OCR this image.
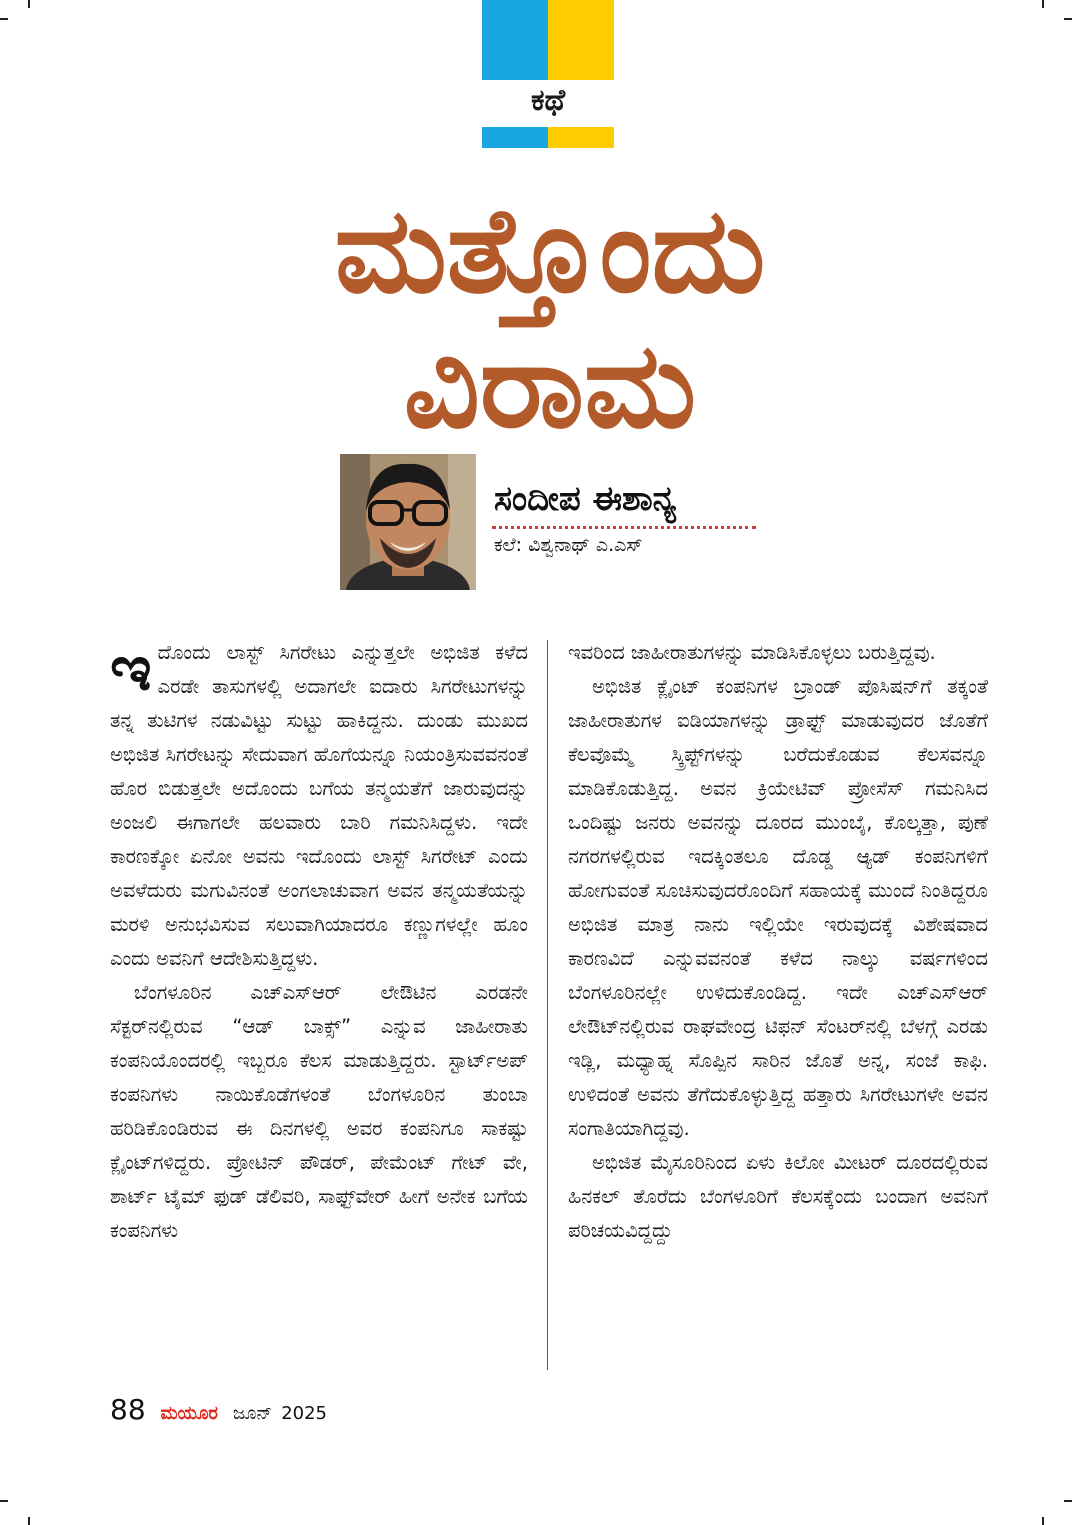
ಕಥೆ
ಮತ್ತೊಂದು
ವಿರಾಮ
ಸಂದೀಪ ಈಶಾನ್ಯ
ಕಲೆ: ವಿಶ್ವನಾಥ್ ಎ.ಎಸ್

ಇದೊಂದು ಲಾಸ್ಟ್ ಸಿಗರೇಟು ಎನ್ನುತ್ತಲೇ ಅಭಿಜಿತ ಕಳೆದ ಎರಡೇ ತಾಸುಗಳಲ್ಲಿ ಅದಾಗಲೇ ಐದಾರು ಸಿಗರೇಟುಗಳನ್ನು ತನ್ನ ತುಟಿಗಳ ನಡುವಿಟ್ಟು ಸುಟ್ಟು ಹಾಕಿದ್ದನು. ದುಂಡು ಮುಖದ ಅಭಿಜಿತ ಸಿಗರೇಟನ್ನು ಸೇದುವಾಗ ಹೊಗೆಯನ್ನೂ ನಿಯಂತ್ರಿಸುವವನಂತೆ ಹೊರ ಬಿಡುತ್ತಲೇ ಅದೊಂದು ಬಗೆಯ ತನ್ಮಯತೆಗೆ ಜಾರುವುದನ್ನು ಅಂಜಲಿ ಈಗಾಗಲೇ ಹಲವಾರು ಬಾರಿ ಗಮನಿಸಿದ್ದಳು. ಇದೇ ಕಾರಣಕ್ಕೋ ಏನೋ ಅವನು ಇದೊಂದು ಲಾಸ್ಟ್ ಸಿಗರೇಟ್ ಎಂದು ಅವಳೆದುರು ಮಗುವಿನಂತೆ ಅಂಗಲಾಚುವಾಗ ಅವನ ತನ್ಮಯತೆಯನ್ನು ಮರಳಿ ಅನುಭವಿಸುವ ಸಲುವಾಗಿಯಾದರೂ ಕಣ್ಣುಗಳಲ್ಲೇ ಹೂಂ ಎಂದು ಅವನಿಗೆ ಆದೇಶಿಸುತ್ತಿದ್ದಳು.

ಬೆಂಗಳೂರಿನ ಎಚ್‌ಎಸ್‌ಆರ್ ಲೇಔಟಿನ ಎರಡನೇ ಸೆಕ್ಟರ್‌ನಲ್ಲಿರುವ “ಆಡ್ ಬಾಕ್ಸ್” ಎನ್ನುವ ಜಾಹೀರಾತು ಕಂಪನಿಯೊಂದರಲ್ಲಿ ಇಬ್ಬರೂ ಕೆಲಸ ಮಾಡುತ್ತಿದ್ದರು. ಸ್ಟಾರ್ಟ್‌ಅಪ್ ಕಂಪನಿಗಳು ನಾಯಿಕೊಡೆಗಳಂತೆ ಬೆಂಗಳೂರಿನ ತುಂಬಾ ಹರಿಡಿಕೊಂಡಿರುವ ಈ ದಿನಗಳಲ್ಲಿ ಅವರ ಕಂಪನಿಗೂ ಸಾಕಷ್ಟು ಕ್ಲೈಂಟ್‌ಗಳಿದ್ದರು. ಪ್ರೋಟಿನ್ ಪೌಡರ್, ಪೇಮೆಂಟ್ ಗೇಟ್ ವೇ, ಶಾರ್ಟ್ ಟೈಮ್ ಫುಡ್ ಡೆಲಿವರಿ, ಸಾಫ್ಟ್‌ವೇರ್ ಹೀಗೆ ಅನೇಕ ಬಗೆಯ ಕಂಪನಿಗಳು

ಇವರಿಂದ ಜಾಹೀರಾತುಗಳನ್ನು ಮಾಡಿಸಿಕೊಳ್ಳಲು ಬರುತ್ತಿದ್ದವು.

ಅಭಿಜಿತ ಕ್ಲೈಂಟ್ ಕಂಪನಿಗಳ ಬ್ರಾಂಡ್ ಪೊಸಿಷನ್‌ಗೆ ತಕ್ಕಂತೆ ಜಾಹೀರಾತುಗಳ ಐಡಿಯಾಗಳನ್ನು ಡ್ರಾಫ್ಟ್ ಮಾಡುವುದರ ಜೊತೆಗೆ ಕೆಲವೊಮ್ಮೆ ಸ್ಕ್ರಿಪ್ಟ್‌ಗಳನ್ನು ಬರೆದುಕೊಡುವ ಕೆಲಸವನ್ನೂ ಮಾಡಿಕೊಡುತ್ತಿದ್ದ. ಅವನ ಕ್ರಿಯೇಟಿವ್ ಪ್ರೋಸೆಸ್ ಗಮನಿಸಿದ ಒಂದಿಷ್ಟು ಜನರು ಅವನನ್ನು ದೂರದ ಮುಂಬೈ, ಕೊಲ್ಕತ್ತಾ, ಪುಣೆ ನಗರಗಳಲ್ಲಿರುವ ಇದಕ್ಕಿಂತಲೂ ದೊಡ್ಡ ಆ್ಯಡ್ ಕಂಪನಿಗಳಿಗೆ ಹೋಗುವಂತೆ ಸೂಚಿಸುವುದರೊಂದಿಗೆ ಸಹಾಯಕ್ಕೆ ಮುಂದೆ ನಿಂತಿದ್ದರೂ ಅಭಿಜಿತ ಮಾತ್ರ ನಾನು ಇಲ್ಲಿಯೇ ಇರುವುದಕ್ಕೆ ವಿಶೇಷವಾದ ಕಾರಣವಿದೆ ಎನ್ನುವವನಂತೆ ಕಳೆದ ನಾಲ್ಕು ವರ್ಷಗಳಿಂದ ಬೆಂಗಳೂರಿನಲ್ಲೇ ಉಳಿದುಕೊಂಡಿದ್ದ. ಇದೇ ಎಚ್‌ಎಸ್‌ಆರ್ ಲೇಔಟ್‌ನಲ್ಲಿರುವ ರಾಘವೇಂದ್ರ ಟಿಫನ್ ಸೆಂಟರ್‌ನಲ್ಲಿ ಬೆಳಗ್ಗೆ ಎರಡು ಇಡ್ಲಿ, ಮಧ್ಯಾಹ್ನ ಸೊಪ್ಪಿನ ಸಾರಿನ ಜೊತೆ ಅನ್ನ, ಸಂಜೆ ಕಾಫಿ. ಉಳಿದಂತೆ ಅವನು ತೆಗೆದುಕೊಳ್ಳುತ್ತಿದ್ದ ಹತ್ತಾರು ಸಿಗರೇಟುಗಳೇ ಅವನ ಸಂಗಾತಿಯಾಗಿದ್ದವು.

ಅಭಿಜಿತ ಮೈಸೂರಿನಿಂದ ಏಳು ಕಿಲೋ ಮೀಟರ್ ದೂರದಲ್ಲಿರುವ ಹಿನಕಲ್ ತೊರೆದು ಬೆಂಗಳೂರಿಗೆ ಕೆಲಸಕ್ಕೆಂದು ಬಂದಾಗ ಅವನಿಗೆ ಪರಿಚಯವಿದ್ದದ್ದು

88 ಮಯೂರ ಜೂನ್ 2025
